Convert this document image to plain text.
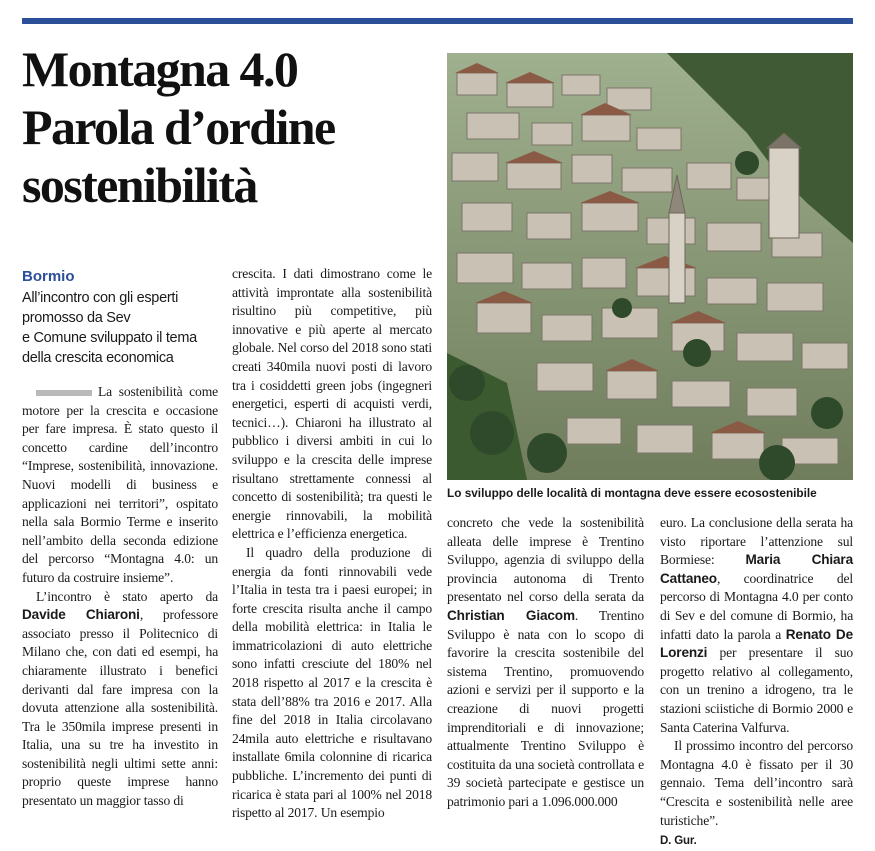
Montagna 4.0
Parola d’ordine
sostenibilità
Bormio
All’incontro con gli esperti
promosso da Sev
e Comune sviluppato il tema
della crescita economica
Lo sviluppo delle località di montagna deve essere ecosostenibile

La sostenibilità come motore per la crescita e occasione per fare impresa. È stato questo il concetto cardine dell’incontro “Imprese, sostenibilità, innovazione. Nuovi modelli di business e applicazioni nei territori”, ospitato nella sala Bormio Terme e inserito nell’ambito della seconda edizione del percorso “Montagna 4.0: un futuro da costruire insieme”.

L’incontro è stato aperto da Davide Chiaroni, professore associato presso il Politecnico di Milano che, con dati ed esempi, ha chiaramente illustrato i benefici derivanti dal fare impresa con la dovuta attenzione alla sostenibilità. Tra le 350mila imprese presenti in Italia, una su tre ha investito in sostenibilità negli ultimi sette anni: proprio queste imprese hanno presentato un maggior tasso di

crescita. I dati dimostrano come le attività improntate alla sostenibilità risultino più competitive, più innovative e più aperte al mercato globale. Nel corso del 2018 sono stati creati 340mila nuovi posti di lavoro tra i cosiddetti green jobs (ingegneri energetici, esperti di acquisti verdi, tecnici…). Chiaroni ha illustrato al pubblico i diversi ambiti in cui lo sviluppo e la crescita delle imprese risultano strettamente connessi al concetto di sostenibilità; tra questi le energie rinnovabili, la mobilità elettrica e l’efficienza energetica.

Il quadro della produzione di energia da fonti rinnovabili vede l’Italia in testa tra i paesi europei; in forte crescita risulta anche il campo della mobilità elettrica: in Italia le immatricolazioni di auto elettriche sono infatti cresciute del 180% nel 2018 rispetto al 2017 e la crescita è stata dell’88% tra 2016 e 2017. Alla fine del 2018 in Italia circolavano 24mila auto elettriche e risultavano installate 6mila colonnine di ricarica pubbliche. L’incremento dei punti di ricarica è stata pari al 100% nel 2018 rispetto al 2017. Un esempio

concreto che vede la sostenibilità alleata delle imprese è Trentino Sviluppo, agenzia di sviluppo della provincia autonoma di Trento presentato nel corso della serata da Christian Giacom. Trentino Sviluppo è nata con lo scopo di favorire la crescita sostenibile del sistema Trentino, promuovendo azioni e servizi per il supporto e la creazione di nuovi progetti imprenditoriali e di innovazione; attualmente Trentino Sviluppo è costituita da una società controllata e 39 società partecipate e gestisce un patrimonio pari a 1.096.000.000

euro. La conclusione della serata ha visto riportare l’attenzione sul Bormiese: Maria Chiara Cattaneo, coordinatrice del percorso di Montagna 4.0 per conto di Sev e del comune di Bormio, ha infatti dato la parola a Renato De Lorenzi per presentare il suo progetto relativo al collegamento, con un trenino a idrogeno, tra le stazioni sciistiche di Bormio 2000 e Santa Caterina Valfurva.

Il prossimo incontro del percorso Montagna 4.0 è fissato per il 30 gennaio. Tema dell’incontro sarà “Crescita e sostenibilità nelle aree turistiche”.

D. Gur.
